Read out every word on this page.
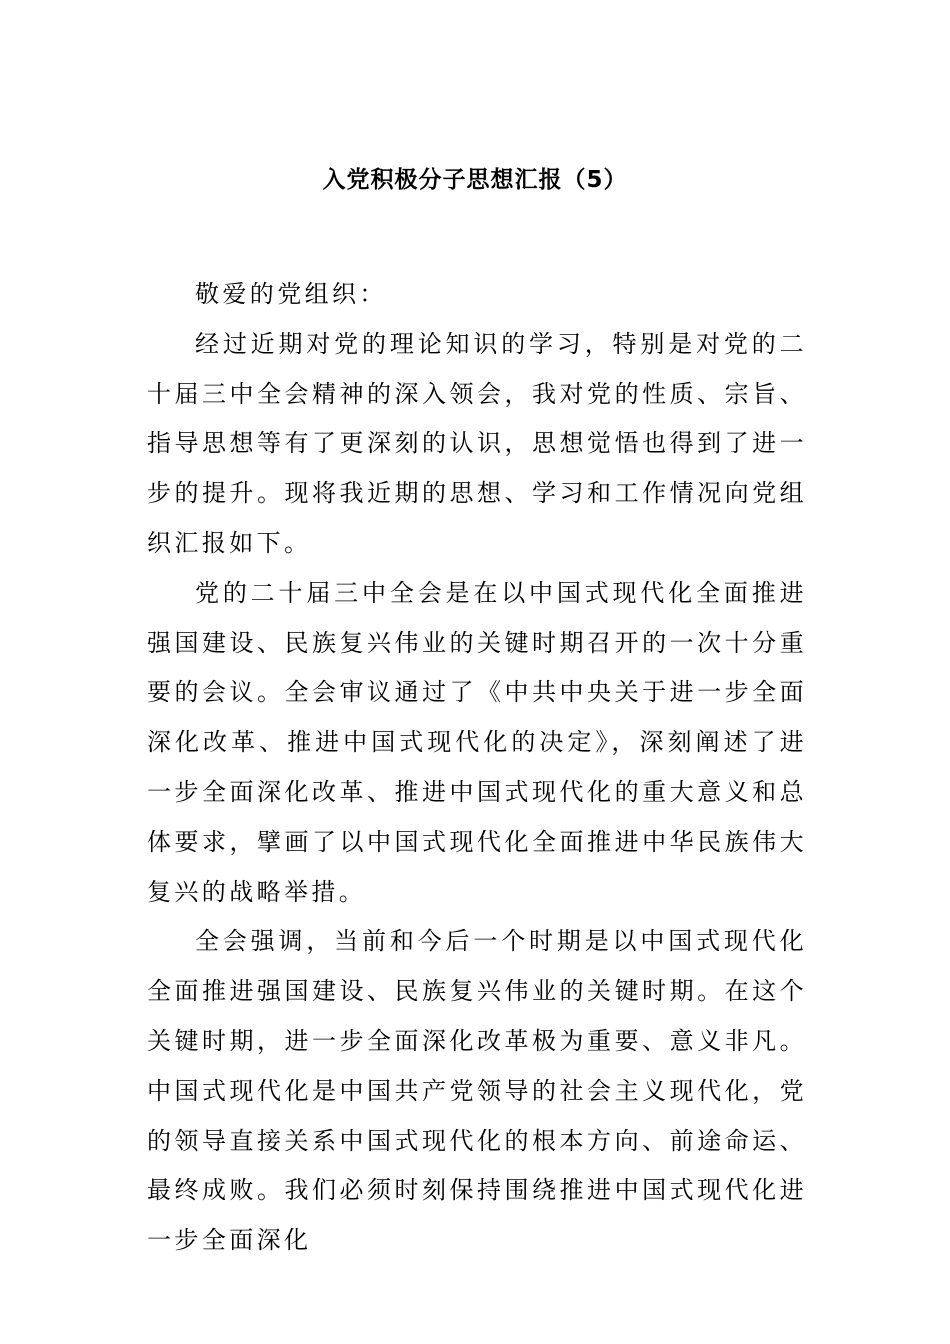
入党积极分子思想汇报（5）

敬爱的党组织：

经过近期对党的理论知识的学习，特别是对党的二十届三中全会精神的深入领会，我对党的性质、宗旨、指导思想等有了更深刻的认识，思想觉悟也得到了进一步的提升。现将我近期的思想、学习和工作情况向党组织汇报如下。

党的二十届三中全会是在以中国式现代化全面推进强国建设、民族复兴伟业的关键时期召开的一次十分重要的会议。全会审议通过了《中共中央关于进一步全面深化改革、推进中国式现代化的决定》，深刻阐述了进一步全面深化改革、推进中国式现代化的重大意义和总体要求，擘画了以中国式现代化全面推进中华民族伟大复兴的战略举措。

全会强调，当前和今后一个时期是以中国式现代化全面推进强国建设、民族复兴伟业的关键时期。在这个关键时期，进一步全面深化改革极为重要、意义非凡。中国式现代化是中国共产党领导的社会主义现代化，党的领导直接关系中国式现代化的根本方向、前途命运、最终成败。我们必须时刻保持围绕推进中国式现代化进一步全面深化
